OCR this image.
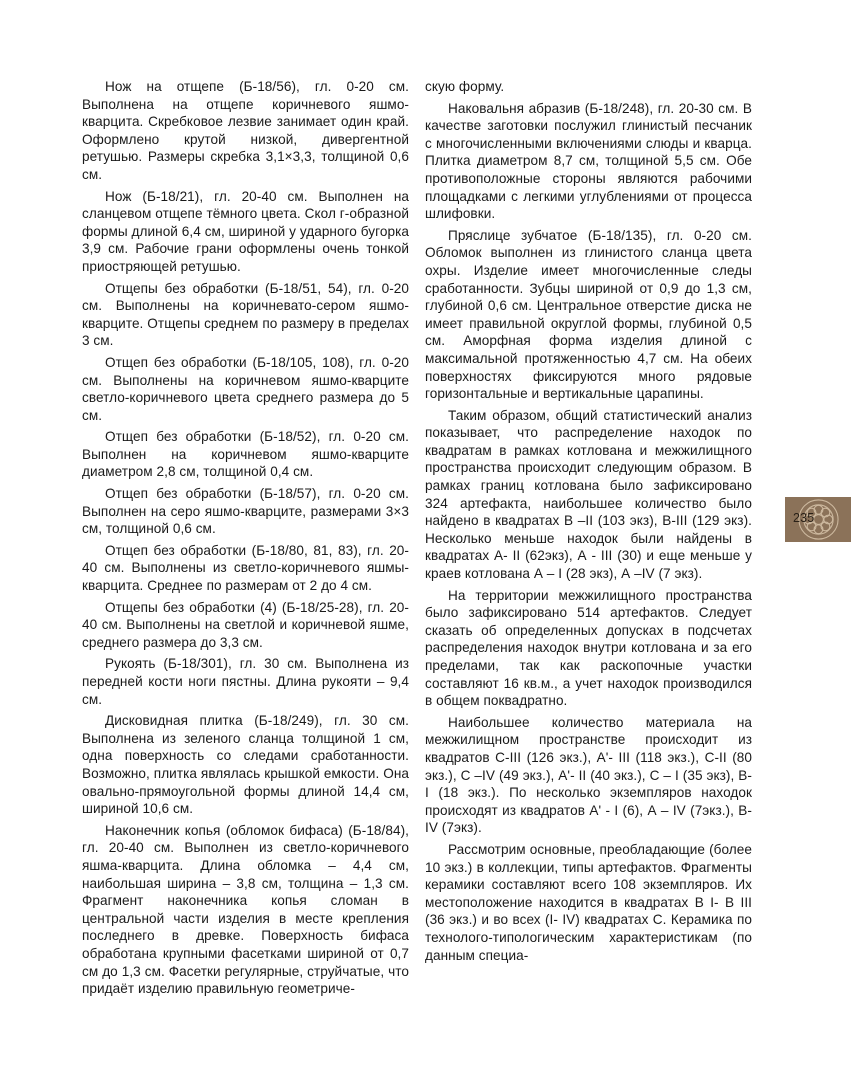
Нож на отщепе (Б-18/56), гл. 0-20 см. Выполнена на отщепе коричневого яшмо-кварцита. Скребковое лезвие занимает один край. Оформлено крутой низкой, дивергентной ретушью. Размеры скребка 3,1×3,3, толщиной 0,6 см.

Нож (Б-18/21), гл. 20-40 см. Выполнен на сланцевом отщепе тёмного цвета. Скол г-образной формы длиной 6,4 см, шириной у ударного бугорка 3,9 см. Рабочие грани оформлены очень тонкой приостряющей ретушью.

Отщепы без обработки (Б-18/51, 54), гл. 0-20 см. Выполнены на коричневато-сером яшмо-кварците. Отщепы среднем по размеру в пределах 3 см.

Отщеп без обработки (Б-18/105, 108), гл. 0-20 см. Выполнены на коричневом яшмо-кварците светло-коричневого цвета среднего размера до 5 см.

Отщеп без обработки (Б-18/52), гл. 0-20 см. Выполнен на коричневом яшмо-кварците диаметром 2,8 см, толщиной 0,4 см.

Отщеп без обработки (Б-18/57), гл. 0-20 см. Выполнен на серо яшмо-кварците, размерами 3×3 см, толщиной 0,6 см.

Отщеп без обработки (Б-18/80, 81, 83), гл. 20-40 см. Выполнены из светло-коричневого яшмы-кварцита. Среднее по размерам от 2 до 4 см.

Отщепы без обработки (4) (Б-18/25-28), гл. 20-40 см. Выполнены на светлой и коричневой яшме, среднего размера до 3,3 см.

Рукоять (Б-18/301), гл. 30 см. Выполнена из передней кости ноги пястны. Длина рукояти – 9,4 см.

Дисковидная плитка (Б-18/249), гл. 30 см. Выполнена из зеленого сланца толщиной 1 см, одна поверхность со следами сработанности. Возможно, плитка являлась крышкой емкости. Она овально-прямоугольной формы длиной 14,4 см, шириной 10,6 см.

Наконечник копья (обломок бифаса) (Б-18/84), гл. 20-40 см. Выполнен из светло-коричневого яшма-кварцита. Длина обломка – 4,4 см, наибольшая ширина – 3,8 см, толщина – 1,3 см. Фрагмент наконечника копья сломан в центральной части изделия в месте крепления последнего в древке. Поверхность бифаса обработана крупными фасетками шириной от 0,7 см до 1,3 см. Фасетки регулярные, струйчатые, что придаёт изделию правильную геометриче-

скую форму.

Наковальня абразив (Б-18/248), гл. 20-30 см. В качестве заготовки послужил глинистый песчаник с многочисленными включениями слюды и кварца. Плитка диаметром 8,7 см, толщиной 5,5 см. Обе противоположные стороны являются рабочими площадками с легкими углублениями от процесса шлифовки.

Пряслице зубчатое (Б-18/135), гл. 0-20 см. Обломок выполнен из глинистого сланца цвета охры. Изделие имеет многочисленные следы сработанности. Зубцы шириной от 0,9 до 1,3 см, глубиной 0,6 см. Центральное отверстие диска не имеет правильной округлой формы, глубиной 0,5 см. Аморфная форма изделия длиной с максимальной протяженностью 4,7 см. На обеих поверхностях фиксируются много рядовые горизонтальные и вертикальные царапины.

Таким образом, общий статистический анализ показывает, что распределение находок по квадратам в рамках котлована и межжилищного пространства происходит следующим образом. В рамках границ котлована было зафиксировано 324 артефакта, наибольшее количество было найдено в квадратах В –II (103 экз), В-III (129 экз). Несколько меньше находок были найдены в квадратах А- II (62экз), А - III (30) и еще меньше у краев котлована А – I (28 экз), А –IV (7 экз).

На территории межжилищного пространства было зафиксировано 514 артефактов. Следует сказать об определенных допусках в подсчетах распределения находок внутри котлована и за его пределами, так как раскопочные участки составляют 16 кв.м., а учет находок производился в общем поквадратно.

Наибольшее количество материала на межжилищном пространстве происходит из квадратов С-III (126 экз.), А'- III (118 экз.), С-II (80 экз.), С –IV (49 экз.), А'- II (40 экз.), С – I (35 экз), В- I (18 экз.). По несколько экземпляров находок происходят из квадратов А' - I (6), А – IV (7экз.), В- IV (7экз).

Рассмотрим основные, преобладающие (более 10 экз.) в коллекции, типы артефактов. Фрагменты керамики составляют всего 108 экземпляров. Их местоположение находится в квадратах В I- В III (36 экз.) и во всех (I- IV) квадратах С. Керамика по технолого-типологическим характеристикам (по данным специа-

235
